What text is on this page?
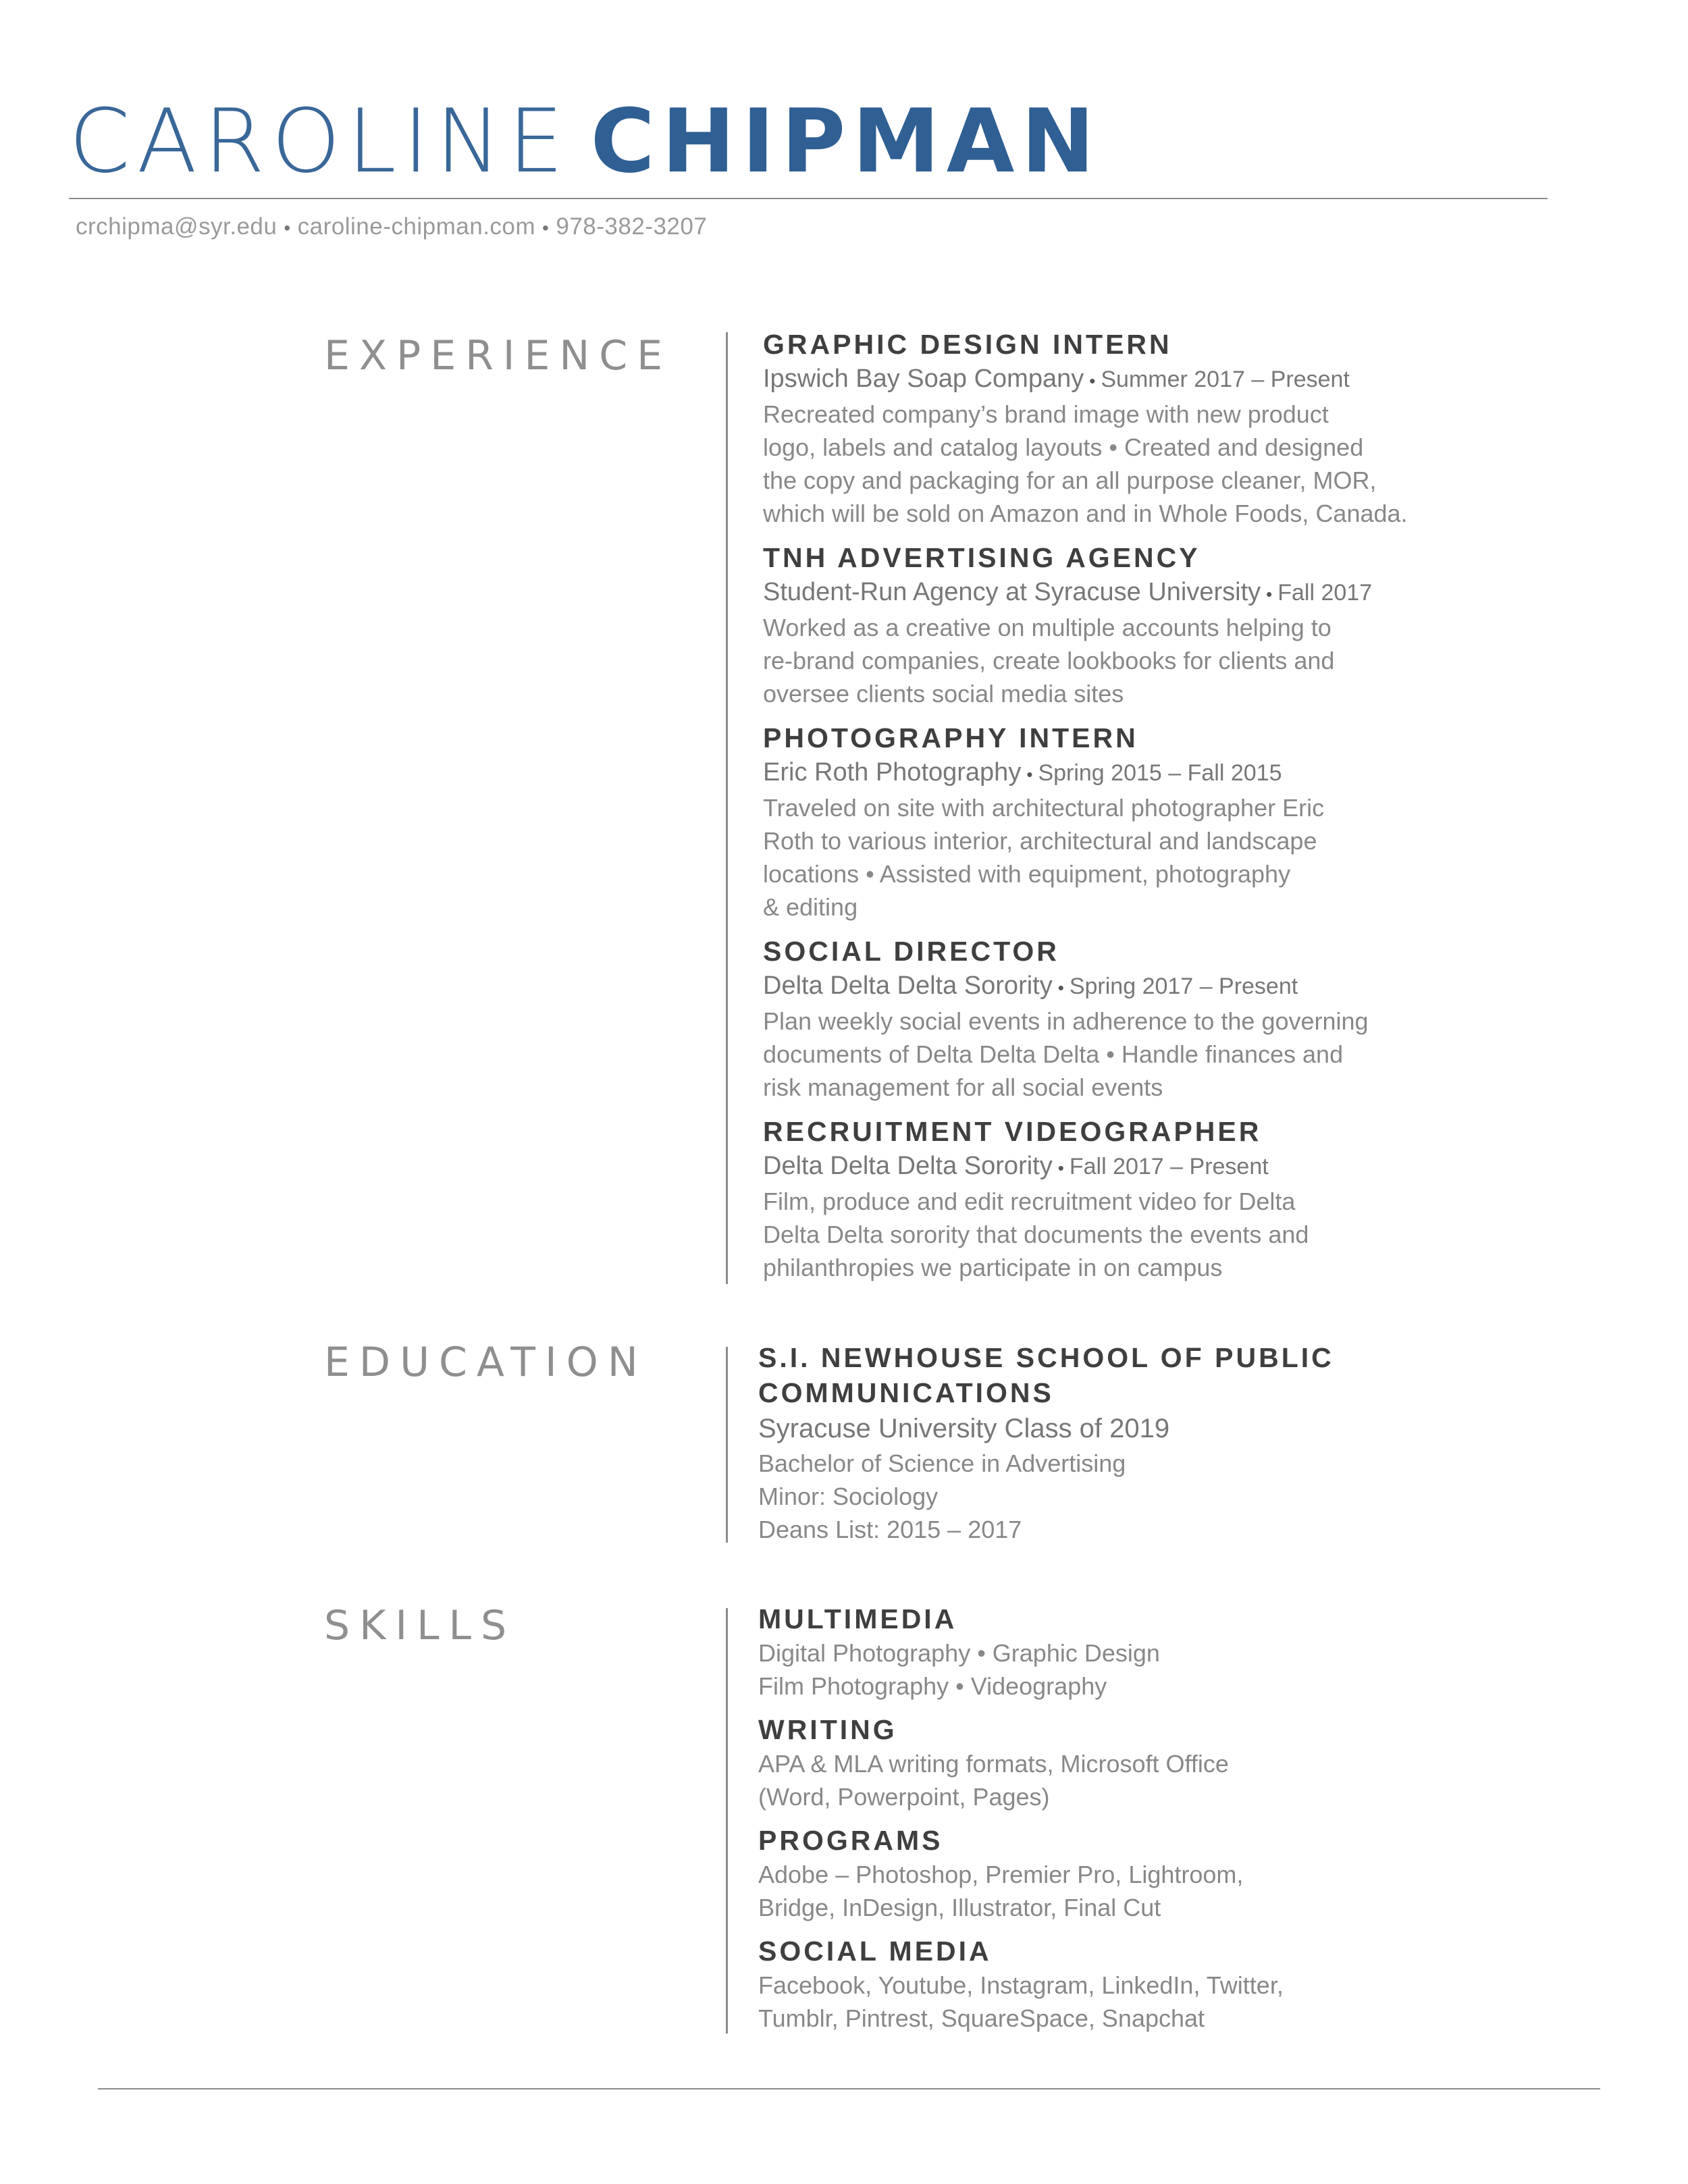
CAROLINE CHIPMAN
crchipma@syr.edu • caroline-chipman.com • 978-382-3207
EXPERIENCE	GRAPHIC DESIGN INTERN

Ipswich Bay Soap Company • Summer 2017 – Present

Recreated company’s brand image with new product

logo, labels and catalog layouts • Created and designed

the copy and packaging for an all purpose cleaner, MOR,

which will be sold on Amazon and in Whole Foods, Canada.

TNH ADVERTISING AGENCY

Student-Run Agency at Syracuse University • Fall 2017

Worked as a creative on multiple accounts helping to

re-brand companies, create lookbooks for clients and

oversee clients social media sites

PHOTOGRAPHY INTERN

Eric Roth Photography • Spring 2015 – Fall 2015

Traveled on site with architectural photographer Eric

Roth to various interior, architectural and landscape

locations • Assisted with equipment, photography

& editing

SOCIAL DIRECTOR

Delta Delta Delta Sorority • Spring 2017 – Present

Plan weekly social events in adherence to the governing

documents of Delta Delta Delta • Handle finances and

risk management for all social events

RECRUITMENT VIDEOGRAPHER

Delta Delta Delta Sorority • Fall 2017 – Present

Film, produce and edit recruitment video for Delta

Delta Delta sorority that documents the events and

philanthropies we participate in on campus

EDUCATION	S.I. NEWHOUSE SCHOOL OF PUBLIC

COMMUNICATIONS

Syracuse University Class of 2019

Bachelor of Science in Advertising

Minor: Sociology

Deans List: 2015 – 2017

SKILLS	MULTIMEDIA

Digital Photography • Graphic Design

Film Photography • Videography

WRITING

APA & MLA writing formats, Microsoft Office

(Word, Powerpoint, Pages)

PROGRAMS

Adobe – Photoshop, Premier Pro, Lightroom,

Bridge, InDesign, Illustrator, Final Cut

SOCIAL MEDIA

Facebook, Youtube, Instagram, LinkedIn, Twitter,

Tumblr, Pintrest, SquareSpace, Snapchat
